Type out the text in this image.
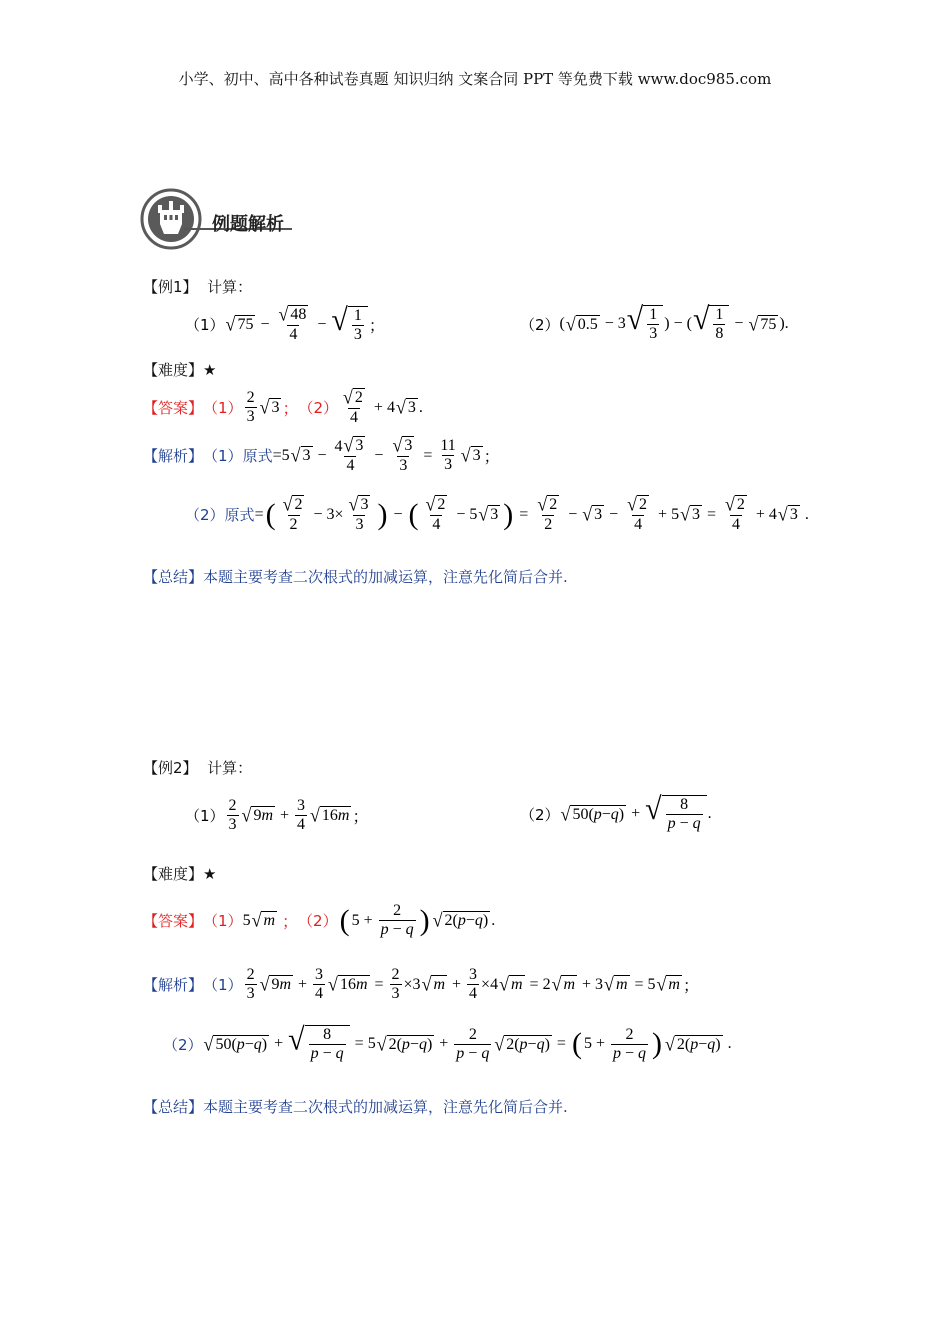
小学、初中、高中各种试卷真题 知识归纳 文案合同 PPT 等免费下载 www.doc985.com
例题解析
【例1】 计算：
（1） √ $75 - \frac{√ 48}{4}$ − √ $\frac{1}{3}$ ；	（2） ( √ 0.5 − 3 √ $\frac{1}{3}$ ) − ( √ $\frac{1}{8}$ − √ 75 ) .
【难度】★
【答案】 $(1) \frac{2}{3}$ √ 3 ； $(2) \frac{√ 2}{4} + 4$ √ 3 .
【解析】 （1） 原式 =5 √ $3 - \frac{4 √ 3}{4} - \frac{√ 3}{3} = \frac{11}{3}$ √ 3 ；
（2） 原式 = ( $\frac{√ 2}{2} - 3\times \frac{√ 3}{3}$ ) − ( $\frac{√ 2}{4} - 5$ √ 3 ) = $\frac{√ 2}{2}$ − √ $3 - \frac{√ 2}{4} + 5$ √ $3 = \frac{√ 2}{4} + 4$ √ 3 .
【总结】本题主要考查二次根式的加减运算，注意先化简后合并.
【例2】 计算：
$(1) \frac{2}{3}$ √ 9 $m + \frac{3}{4}$ √ 16 m ；	（2） √ 50( p − q ) + √ $\frac{8}{p - q}$ .
【难度】★
【答案】 （1） 5 √ m ； （2） ( $5 + \frac{2}{p - q}$ ) √ 2( p − q ) .
【解析】 $(1) \frac{2}{3}$ √ 9 $m + \frac{3}{4}$ √ 16 $m = \frac{2}{3} \times 3$ √ $m + \frac{3}{4} \times 4$ √ m = 2 √ m + 3 √ m = 5 √ m ；
（2） √ 50( p − q ) + √ $\frac{8}{p - q} = 5$ √ 2( p − q ) + $\frac{2}{p - q}$ √ 2( p − q ) = ( $5 + \frac{2}{p - q}$ ) √ 2( p − q ) .
【总结】本题主要考查二次根式的加减运算，注意先化简后合并.
